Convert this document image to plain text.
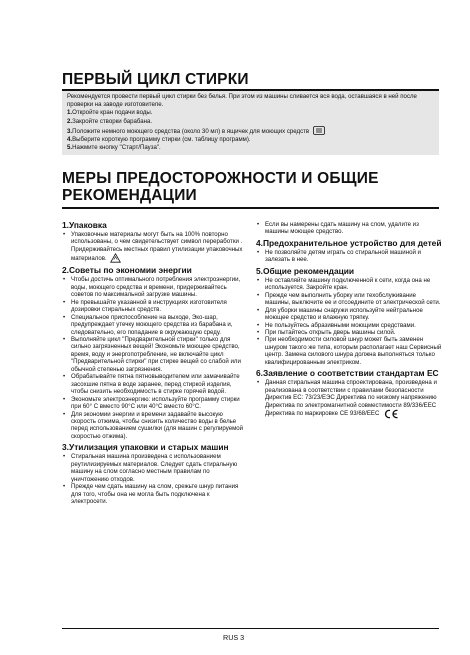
ПЕРВЫЙ ЦИКЛ СТИРКИ

Рекомендуется провести первый цикл стирки без белья. При этом из машины сливается вся вода, оставшаяся в ней после проверки на заводе изготовителе.

1.Откройте кран подачи воды.

2.Закройте створки барабана.

3.Положите немного моющего средства (около 30 мл) в ящичек для моющих средств

4.Выберите короткую программу стирки (см. таблицу программ).

5.Нажмите кнопку "Старт/Пауза".

МЕРЫ ПРЕДОСТОРОЖНОСТИ И ОБЩИЕ
РЕКОМЕНДАЦИИ
1.Упаковка
• Упаковочные материалы могут быть на 100% повторно использованы, о чем свидетельствует символ переработки . Придерживайтесь местных правил утилизации упаковочных материалов.
2.Советы по экономии энергии
• Чтобы достичь оптимального потребления электроэнергии, воды, моющего средства и времени, придерживайтесь советов по максимальной загрузке машины.
• Не превышайте указанной в инструкциях изготовителя дозировки стиральных средств.
• Специальное приспособление на выходе, Эко-шар, предупреждает утечку моющего средства из барабана и, следовательно, его попадание в окружающую среду.
• Выполняйте цикл "Предварительной стирки" только для сильно загрязненных вещей! Экономьте моющее средство, время, воду и энергопотребление, не включайте цикл "Предварительной стирки" при стирке вещей со слабой или обычной степенью загрязнения.
• Обрабатывайте пятна пятновыводителем или замачивайте засохшие пятна в воде заранее, перед стиркой изделия, чтобы снизить необходимость в стирке горячей водой.
• Экономьте электроэнергию: используйте программу стирки при 60° C вместо 90°C или 40°C вместо 60°C.
• Для экономии энергии и времени задавайте высокую скорость отжима, чтобы снизить количество воды в белье перед использованием сушилки (для машин с регулируемой скоростью отжима).
3.Утилизация упаковки и старых машин
• Стиральная машина произведена с использованием реутилизируемых материалов. Следует сдать стиральную машину на слом согласно местным правилам по уничтожению отходов.
• Прежде чем сдать машину на слом, срежьте шнур питания для того, чтобы она не могла быть подключена к электросети.
• Если вы намерены сдать машину на слом, удалите из машины моющее средство.
4.Предохранительное устройство для детей
• Не позволяйте детям играть со стиральной машиной и залезать в нее.
5.Общие рекомендации
• Не оставляйте машину подключенной к сети, когда она не используется. Закройте кран.
• Прежде чем выполнить уборку или техобслуживание машины, выключите ее и отсоедините от электрической сети.
• Для уборки машины снаружи используйте нейтральное моющее средство и влажную тряпку.
• Не пользуйтесь абразивными моющими средствами.
• При пытайтесь открыть дверь машины силой.
• При необходимости силовой шнур может быть заменен шнуром такого же типа, которым располагает наш Сервисный центр. Замена силового шнура должна выполняться только квалифицированным электриком.
6.Заявление о соответствии стандартам ЕС
• Данная стиральная машина спроектирована, произведена и реализована в соответствии с правилами безопасности Директив ЕС: 73/23/ЕЭС Директива по низкому напряжению
Директива по электромагнитной совместимости 89/336/EEC
Директива по маркировке CE 93/68/EEC
RUS 3
